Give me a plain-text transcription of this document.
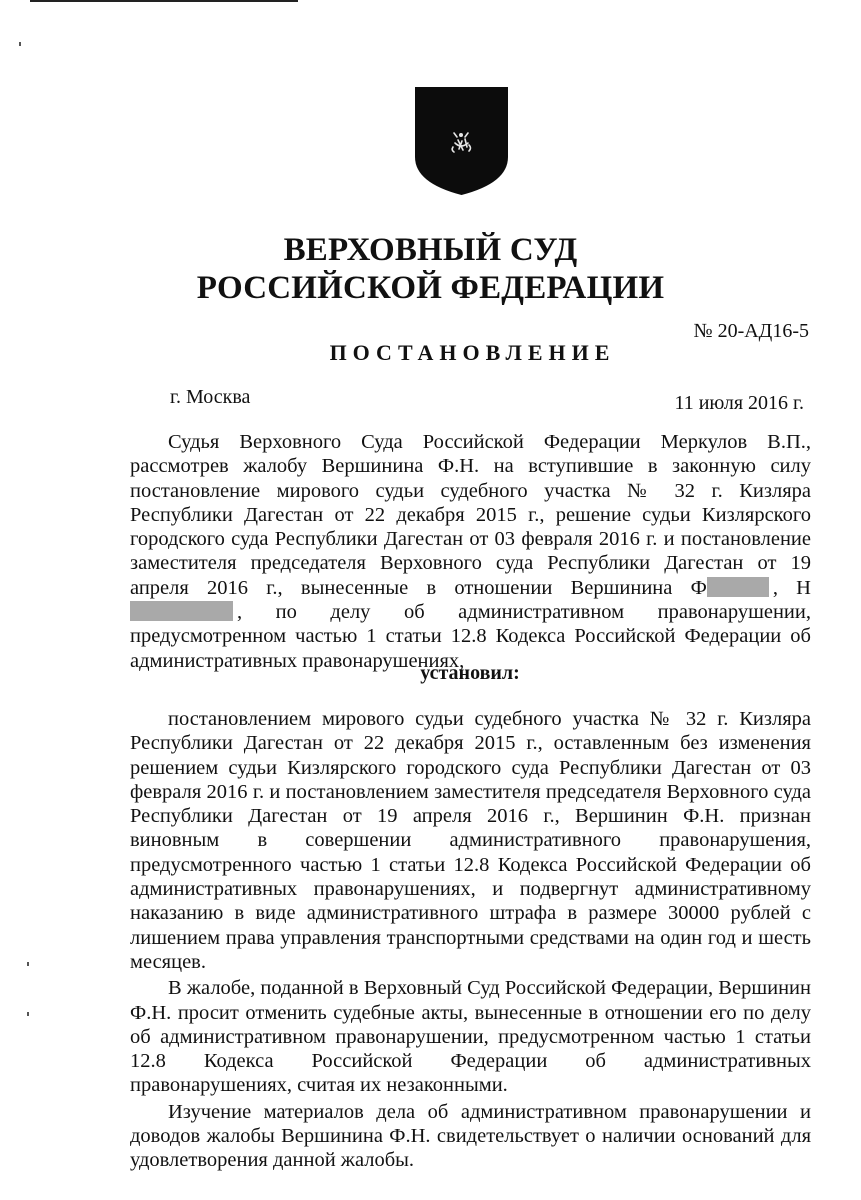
ВЕРХОВНЫЙ СУД
РОССИЙСКОЙ ФЕДЕРАЦИИ
№ 20-АД16-5
ПОСТАНОВЛЕНИЕ
г. Москва	11 июля 2016 г.

Судья Верховного Суда Российской Федерации Меркулов В.П., рассмотрев жалобу Вершинина Ф.Н. на вступившие в законную силу постановление мирового судьи судебного участка № 32 г. Кизляра Республики Дагестан от 22 декабря 2015 г., решение судьи Кизлярского городского суда Республики Дагестан от 03 февраля 2016 г. и постановление заместителя председателя Верховного суда Республики Дагестан от 19 апреля 2016 г., вынесенные в отношении Вершинина Ф	, Н, по делу об административном правонарушении, предусмотренном частью 1 статьи 12.8 Кодекса Российской Федерации об административных правонарушениях,

установил:

постановлением мирового судьи судебного участка № 32 г. Кизляра Республики Дагестан от 22 декабря 2015 г., оставленным без изменения решением судьи Кизлярского городского суда Республики Дагестан от 03 февраля 2016 г. и постановлением заместителя председателя Верховного суда Республики Дагестан от 19 апреля 2016 г., Вершинин Ф.Н. признан виновным в совершении административного правонарушения, предусмотренного частью 1 статьи 12.8 Кодекса Российской Федерации об административных правонарушениях, и подвергнут административному наказанию в виде административного штрафа в размере 30000 рублей с лишением права управления транспортными средствами на один год и шесть месяцев.

В жалобе, поданной в Верховный Суд Российской Федерации, Вершинин Ф.Н. просит отменить судебные акты, вынесенные в отношении его по делу об административном правонарушении, предусмотренном частью 1 статьи 12.8 Кодекса Российской Федерации об административных правонарушениях, считая их незаконными.

Изучение материалов дела об административном правонарушении и доводов жалобы Вершинина Ф.Н. свидетельствует о наличии оснований для удовлетворения данной жалобы.
